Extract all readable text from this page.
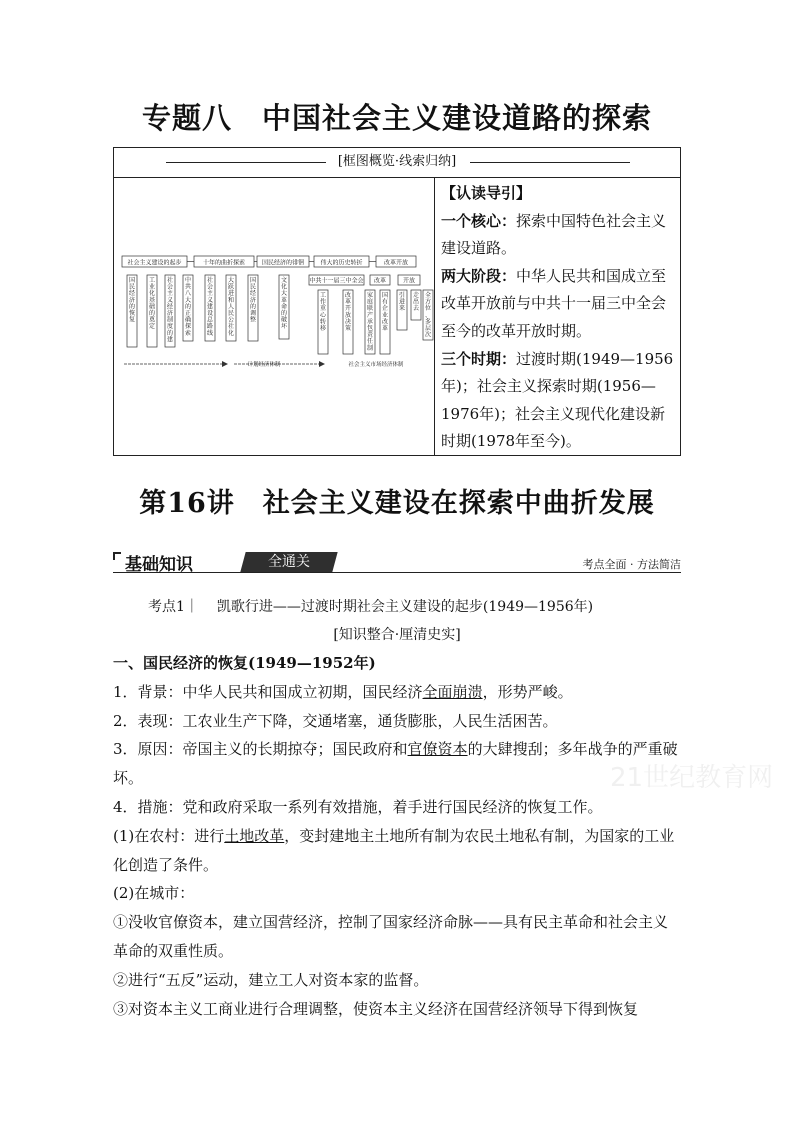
专题八　中国社会主义建设道路的探索
[框图概览·线索归纳]
社会主义建设的起步	十年的曲折探索	国民经济的徘徊	伟大的历史转折	改革开放
中共十一届三中全会 改革	开放
国
民
经
济
的
恢
复
工
业
化
基
础
的
奠
定
社
会
主
义
经
济
制
度
的
建
中
共
八
大
的
正
确
探
索
社
会
主
义
建
设
总
路
线
大
跃
进
和
人
民
公
社
化
国
民
经
济
的
调
整
文
化
大
革
命
的
破
坏
工
作
重
心
转
移
改
革
开
放
决
策
家
庭
联
产
承
包
责
任
制
国
有
企
业
改
革
引
进
来
走
出
去
全
方
位
、
多
层
次
计划经济体制	社会主义市场经济体制
【认读导引】
一个核心：探索中国特色社会主义建设道路。
两大阶段：中华人民共和国成立至改革开放前与中共十一届三中全会至今的改革开放时期。
三个时期：过渡时期(1949—1956年)；社会主义探索时期(1956—1976年)；社会主义现代化建设新时期(1978年至今)。
第16讲　社会主义建设在探索中曲折发展
基础知识	全通关	考点全面 · 方法简洁
考点1｜ 凯歌行进——过渡时期社会主义建设的起步(1949—1956年)
[知识整合·厘清史实]

一、国民经济的恢复(1949—1952年)

1．背景：中华人民共和国成立初期，国民经济全面崩溃，形势严峻。

2．表现：工农业生产下降，交通堵塞，通货膨胀，人民生活困苦。

3．原因：帝国主义的长期掠夺；国民政府和官僚资本的大肆搜刮；多年战争的严重破坏。

4．措施：党和政府采取一系列有效措施，着手进行国民经济的恢复工作。

(1)在农村：进行土地改革，变封建地主土地所有制为农民土地私有制，为国家的工业化创造了条件。

(2)在城市：

①没收官僚资本，建立国营经济，控制了国家经济命脉——具有民主革命和社会主义革命的双重性质。

②进行“五反”运动，建立工人对资本家的监督。

③对资本主义工商业进行合理调整，使资本主义经济在国营经济领导下得到恢复

21世纪教育网
